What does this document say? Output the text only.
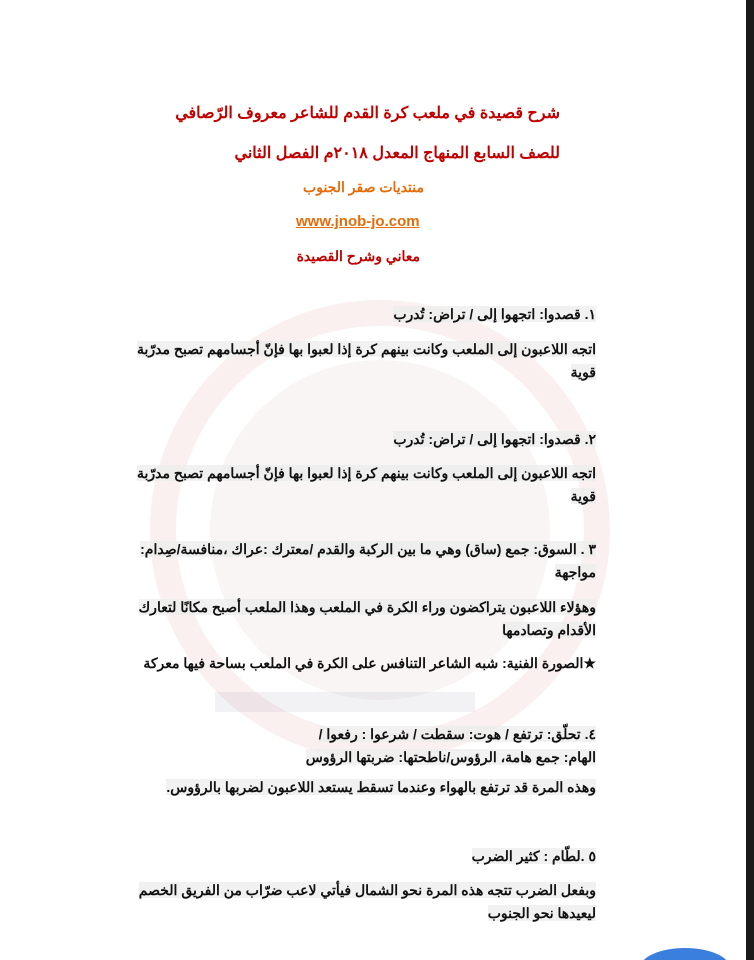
شرح قصيدة في ملعب كرة القدم للشاعر معروف الرّصافي
للصف السابع المنهاج المعدل ٢٠١٨م الفصل الثاني
منتديات صقر الجنوب
www.jnob-jo.com
معاني وشرح القصيدة
١. قصدوا: اتجهوا إلى / تراض: تُدرب
اتجه اللاعبون إلى الملعب وكانت بينهم كرة إذا لعبوا بها فإنّ أجسامهم تصبح مدرّبة قوية
٢. قصدوا: اتجهوا إلى / تراض: تُدرب
اتجه اللاعبون إلى الملعب وكانت بينهم كرة إذا لعبوا بها فإنّ أجسامهم تصبح مدرّبة قوية
٣ . السوق: جمع (ساق) وهي ما بين الركبة والقدم /معترك :عراك ،منافسة/صِدام: مواجهة
وهؤلاء اللاعبون يتراكضون وراء الكرة في الملعب وهذا الملعب أصبح مكانًا لتعارك الأقدام وتصادمها
★الصورة الفنية: شبه الشاعر التنافس على الكرة في الملعب بساحة فيها معركة
٤. تحلّق: ترتفع / هوت: سقطت / شرعوا : رفعوا /الهام: جمع هامة، الرؤوس/ناطحتها: ضربتها الرؤوس
وهذه المرة قد ترتفع بالهواء وعندما تسقط يستعد اللاعبون لضربها بالرؤوس.
٥ .لطّام : كثير الضرب
وبفعل الضرب تتجه هذه المرة نحو الشمال فيأتي لاعب ضرّاب من الفريق الخصم ليعيدها نحو الجنوب
